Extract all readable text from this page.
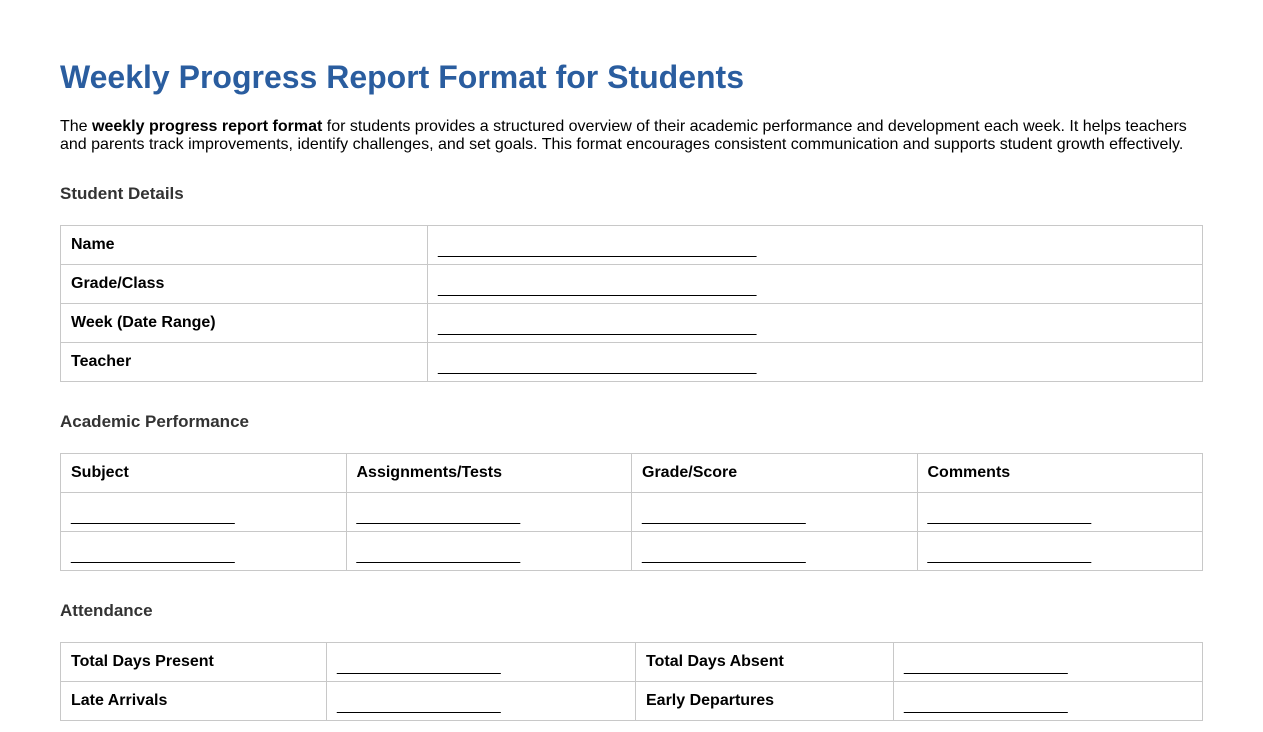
Weekly Progress Report Format for Students

The weekly progress report format for students provides a structured overview of their academic performance and development each week. It helps teachers and parents track improvements, identify challenges, and set goals. This format encourages consistent communication and supports student growth effectively.

Student Details
Name	_____________________________________
Grade/Class	_____________________________________
Week (Date Range)	_____________________________________
Teacher	_____________________________________
Academic Performance
Subject	Assignments/Tests	Grade/Score	Comments
___________________	___________________	___________________	___________________
___________________	___________________	___________________	___________________
Attendance
Total Days Present	___________________	Total Days Absent	___________________
Late Arrivals	___________________	Early Departures	___________________
